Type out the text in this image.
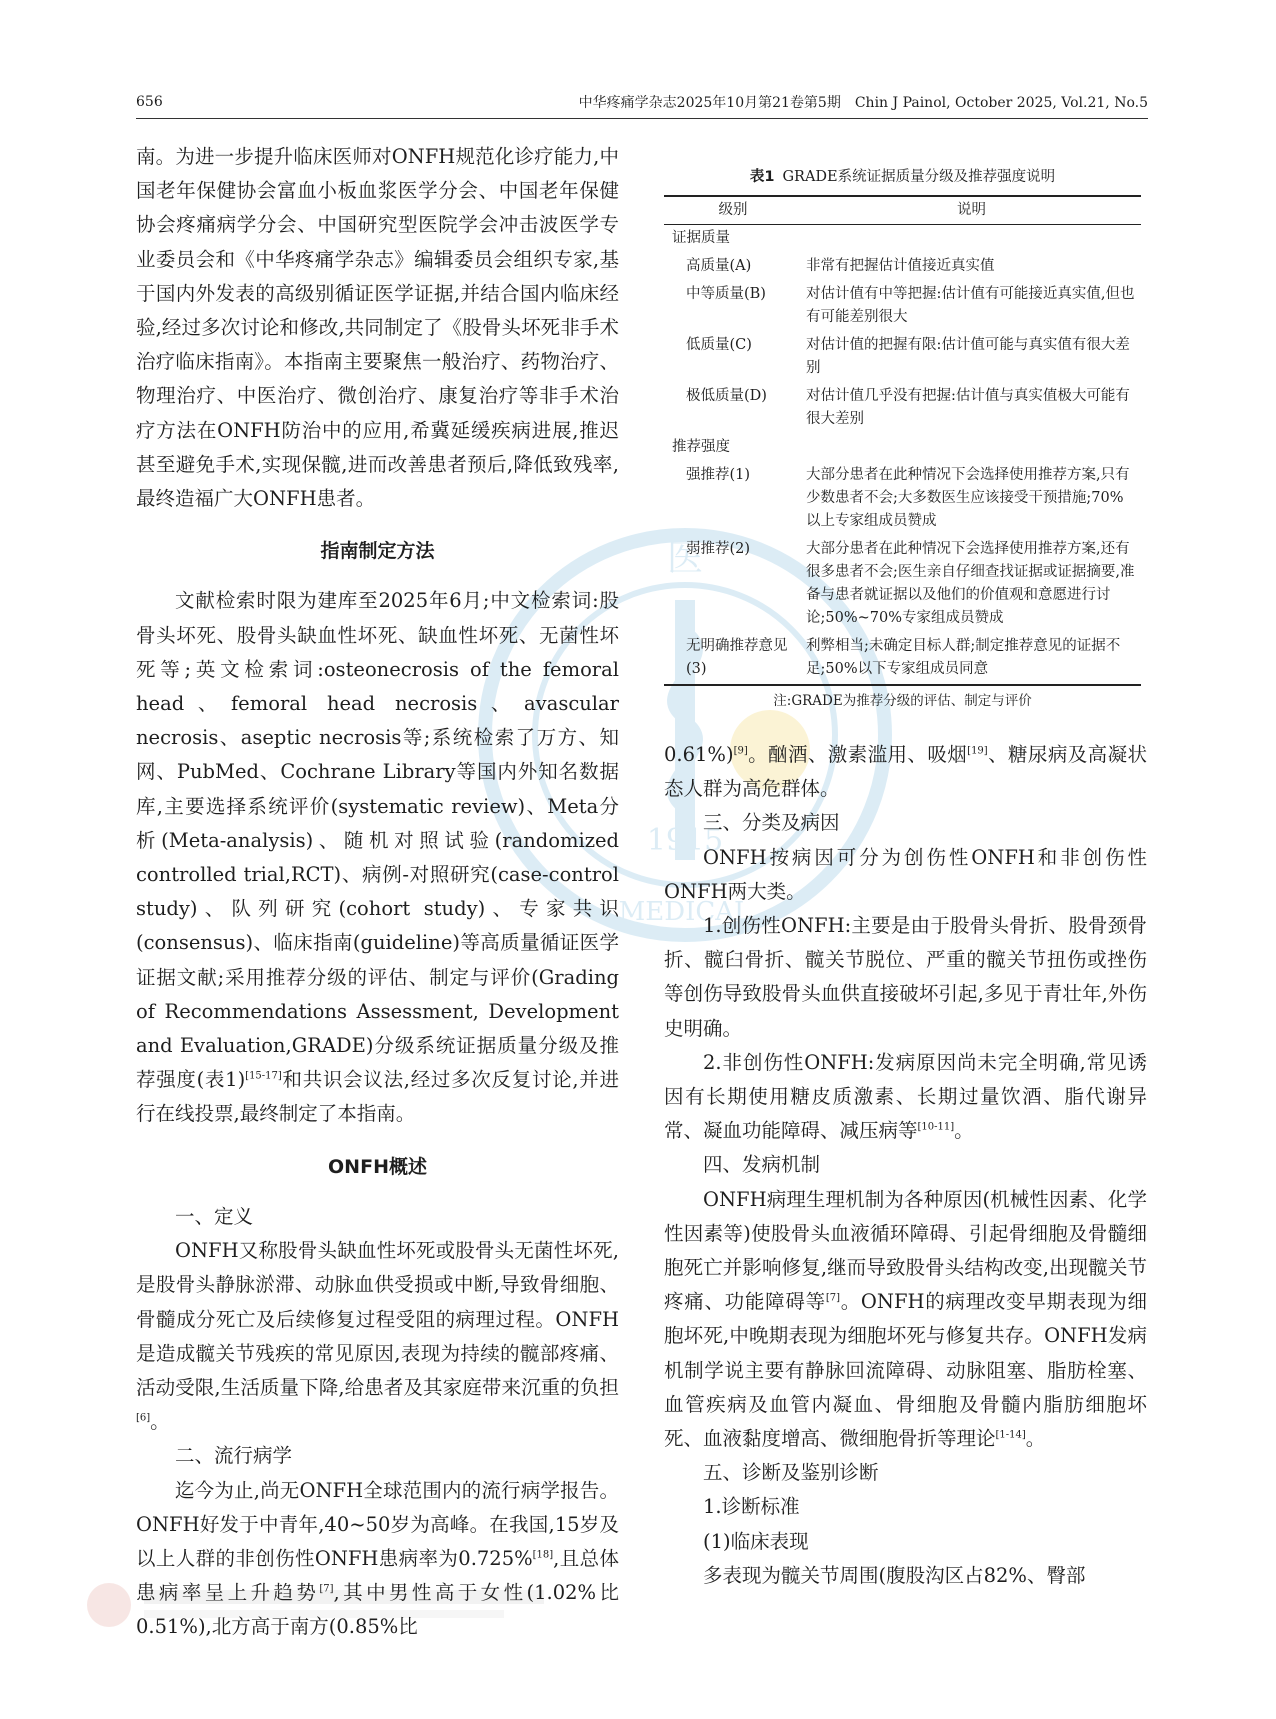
656	中华疼痛学杂志2025年10月第21卷第5期　Chin J Painol, October 2025, Vol.21, No.5
医
1915
MEDICAL

南。为进一步提升临床医师对ONFH规范化诊疗能力,中国老年保健协会富血小板血浆医学分会、中国老年保健协会疼痛病学分会、中国研究型医院学会冲击波医学专业委员会和《中华疼痛学杂志》编辑委员会组织专家,基于国内外发表的高级别循证医学证据,并结合国内临床经验,经过多次讨论和修改,共同制定了《股骨头坏死非手术治疗临床指南》。本指南主要聚焦一般治疗、药物治疗、物理治疗、中医治疗、微创治疗、康复治疗等非手术治疗方法在ONFH防治中的应用,希冀延缓疾病进展,推迟甚至避免手术,实现保髋,进而改善患者预后,降低致残率,最终造福广大ONFH患者。

指南制定方法

文献检索时限为建库至2025年6月;中文检索词:股骨头坏死、股骨头缺血性坏死、缺血性坏死、无菌性坏死等;英文检索词:osteonecrosis of the femoral head、femoral head necrosis、avascular necrosis、aseptic necrosis等;系统检索了万方、知网、PubMed、Cochrane Library等国内外知名数据库,主要选择系统评价(systematic review)、Meta分析(Meta-analysis)、随机对照试验(randomized controlled trial,RCT)、病例-对照研究(case-control study)、队列研究(cohort study)、专家共识(consensus)、临床指南(guideline)等高质量循证医学证据文献;采用推荐分级的评估、制定与评价(Grading of Recommendations Assessment, Development and Evaluation,GRADE)分级系统证据质量分级及推荐强度(表1)[15-17]和共识会议法,经过多次反复讨论,并进行在线投票,最终制定了本指南。

ONFH概述

一、定义

ONFH又称股骨头缺血性坏死或股骨头无菌性坏死,是股骨头静脉淤滞、动脉血供受损或中断,导致骨细胞、骨髓成分死亡及后续修复过程受阻的病理过程。ONFH是造成髋关节残疾的常见原因,表现为持续的髋部疼痛、活动受限,生活质量下降,给患者及其家庭带来沉重的负担[6]。

二、流行病学

迄今为止,尚无ONFH全球范围内的流行病学报告。ONFH好发于中青年,40~50岁为高峰。在我国,15岁及以上人群的非创伤性ONFH患病率为0.725%[18],且总体患病率呈上升趋势[7],其中男性高于女性(1.02%比0.51%),北方高于南方(0.85%比

表1 GRADE系统证据质量分级及推荐强度说明
级别	说明
证据质量	
高质量(A)	非常有把握估计值接近真实值
中等质量(B)	对估计值有中等把握:估计值有可能接近真实值,但也有可能差别很大
低质量(C)	对估计值的把握有限:估计值可能与真实值有很大差别
极低质量(D)	对估计值几乎没有把握:估计值与真实值极大可能有很大差别
推荐强度	
强推荐(1)	大部分患者在此种情况下会选择使用推荐方案,只有少数患者不会;大多数医生应该接受干预措施;70%以上专家组成员赞成
弱推荐(2)	大部分患者在此种情况下会选择使用推荐方案,还有很多患者不会;医生亲自仔细查找证据或证据摘要,准备与患者就证据以及他们的价值观和意愿进行讨论;50%~70%专家组成员赞成
无明确推荐意见(3)	利弊相当;未确定目标人群;制定推荐意见的证据不足;50%以下专家组成员同意
注:GRADE为推荐分级的评估、制定与评价

0.61%)[9]。酗酒、激素滥用、吸烟[19]、糖尿病及高凝状态人群为高危群体。

三、分类及病因

ONFH按病因可分为创伤性ONFH和非创伤性ONFH两大类。

1.创伤性ONFH:主要是由于股骨头骨折、股骨颈骨折、髋臼骨折、髋关节脱位、严重的髋关节扭伤或挫伤等创伤导致股骨头血供直接破坏引起,多见于青壮年,外伤史明确。

2.非创伤性ONFH:发病原因尚未完全明确,常见诱因有长期使用糖皮质激素、长期过量饮酒、脂代谢异常、凝血功能障碍、减压病等[10-11]。

四、发病机制

ONFH病理生理机制为各种原因(机械性因素、化学性因素等)使股骨头血液循环障碍、引起骨细胞及骨髓细胞死亡并影响修复,继而导致股骨头结构改变,出现髋关节疼痛、功能障碍等[7]。ONFH的病理改变早期表现为细胞坏死,中晚期表现为细胞坏死与修复共存。ONFH发病机制学说主要有静脉回流障碍、动脉阻塞、脂肪栓塞、血管疾病及血管内凝血、骨细胞及骨髓内脂肪细胞坏死、血液黏度增高、微细胞骨折等理论[1-14]。

五、诊断及鉴别诊断

1.诊断标准

(1)临床表现

多表现为髋关节周围(腹股沟区占82%、臀部
